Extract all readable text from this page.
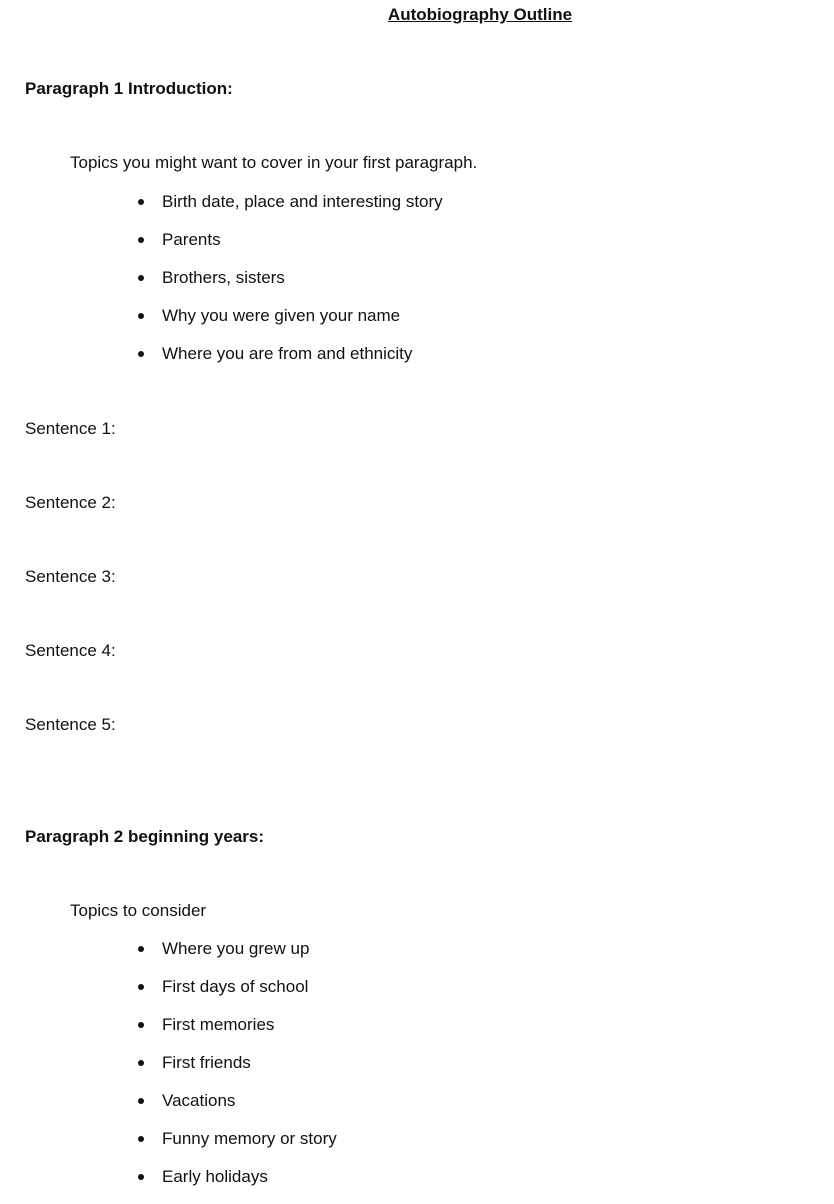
Autobiography Outline
Paragraph 1 Introduction:
Topics you might want to cover in your first paragraph.
Birth date, place and interesting story
Parents
Brothers, sisters
Why you were given your name
Where you are from and ethnicity
Sentence 1:
Sentence 2:
Sentence 3:
Sentence 4:
Sentence 5:
Paragraph 2 beginning years:
Topics to consider
Where you grew up
First days of school
First memories
First friends
Vacations
Funny memory or story
Early holidays
